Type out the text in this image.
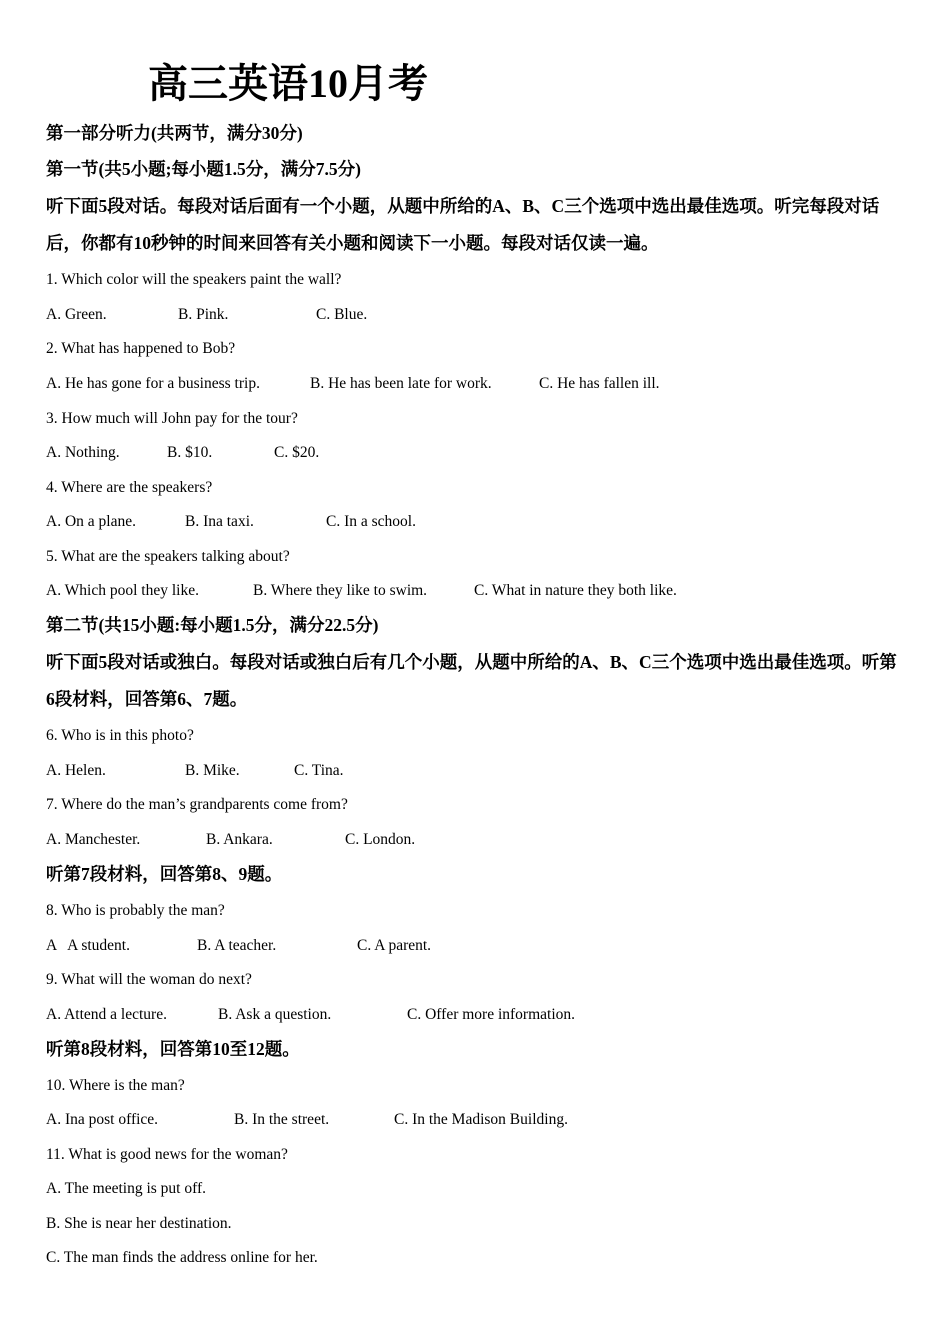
高三英语10月考
第一部分听力(共两节，满分30分)
第一节(共5小题;每小题1.5分，满分7.5分)
听下面5段对话。每段对话后面有一个小题，从题中所给的A、B、C三个选项中选出最佳选项。听完每段对话后，你都有10秒钟的时间来回答有关小题和阅读下一小题。每段对话仅读一遍。
1. Which color will the speakers paint the wall?
A. Green.	B. Pink.	C. Blue.
2. What has happened to Bob?
A. He has gone for a business trip.	B. He has been late for work.	C. He has fallen ill.
3. How much will John pay for the tour?
A. Nothing.	B. $10.	C. $20.
4. Where are the speakers?
A. On a plane.	B. Ina taxi.	C. In a school.
5. What are the speakers talking about?
A. Which pool they like.	B. Where they like to swim.	C. What in nature they both like.
第二节(共15小题:每小题1.5分，满分22.5分)
听下面5段对话或独白。每段对话或独白后有几个小题，从题中所给的A、B、C三个选项中选出最佳选项。听第6段材料，回答第6、7题。
6. Who is in this photo?
A. Helen.	B. Mike.	C. Tina.
7. Where do the man’s grandparents come from?
A. Manchester.	B. Ankara.	C. London.
听第7段材料，回答第8、9题。
8. Who is probably the man?
A   A student.	B. A teacher.	C. A parent.
9. What will the woman do next?
A. Attend a lecture.	B. Ask a question.	C. Offer more information.
听第8段材料，回答第10至12题。
10. Where is the man?
A. Ina post office.	B. In the street.	C. In the Madison Building.
11. What is good news for the woman?
A. The meeting is put off.
B. She is near her destination.
C. The man finds the address online for her.
